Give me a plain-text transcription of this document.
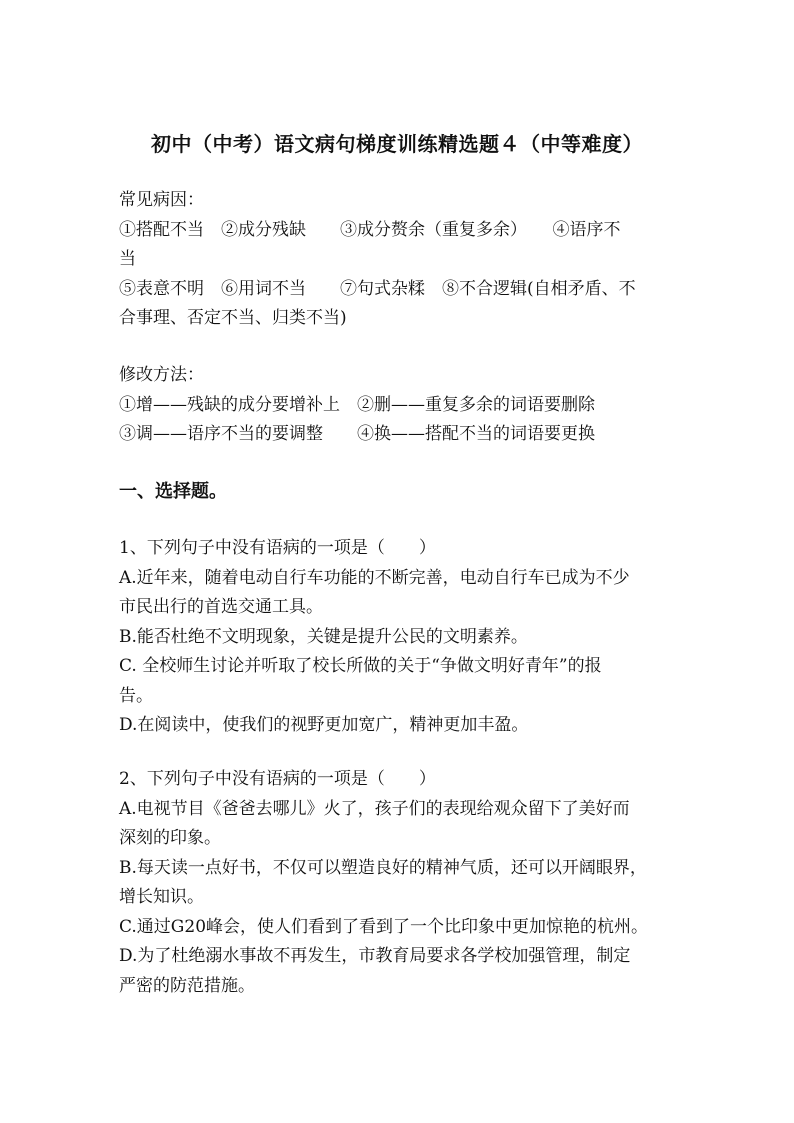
初中（中考）语文病句梯度训练精选题４（中等难度）
常见病因：
①搭配不当　②成分残缺　　③成分赘余（重复多余）　　④语序不
当
⑤表意不明　⑥用词不当　　⑦句式杂糅　⑧不合逻辑(自相矛盾、不
合事理、否定不当、归类不当)
修改方法：
①增——残缺的成分要增补上　②删——重复多余的词语要删除
③调——语序不当的要调整　　④换——搭配不当的词语要更换
一、选择题。
1、下列句子中没有语病的一项是（　　）
A.近年来，随着电动自行车功能的不断完善，电动自行车已成为不少
市民出行的首选交通工具。
B.能否杜绝不文明现象，关键是提升公民的文明素养。
C. 全校师生讨论并听取了校长所做的关于“争做文明好青年”的报
告。
D.在阅读中，使我们的视野更加宽广，精神更加丰盈。
2、下列句子中没有语病的一项是（　　）
A.电视节目《爸爸去哪儿》火了，孩子们的表现给观众留下了美好而
深刻的印象。
B.每天读一点好书，不仅可以塑造良好的精神气质，还可以开阔眼界，
增长知识。
C.通过G20峰会，使人们看到了看到了一个比印象中更加惊艳的杭州。
D.为了杜绝溺水事故不再发生，市教育局要求各学校加强管理，制定
严密的防范措施。
